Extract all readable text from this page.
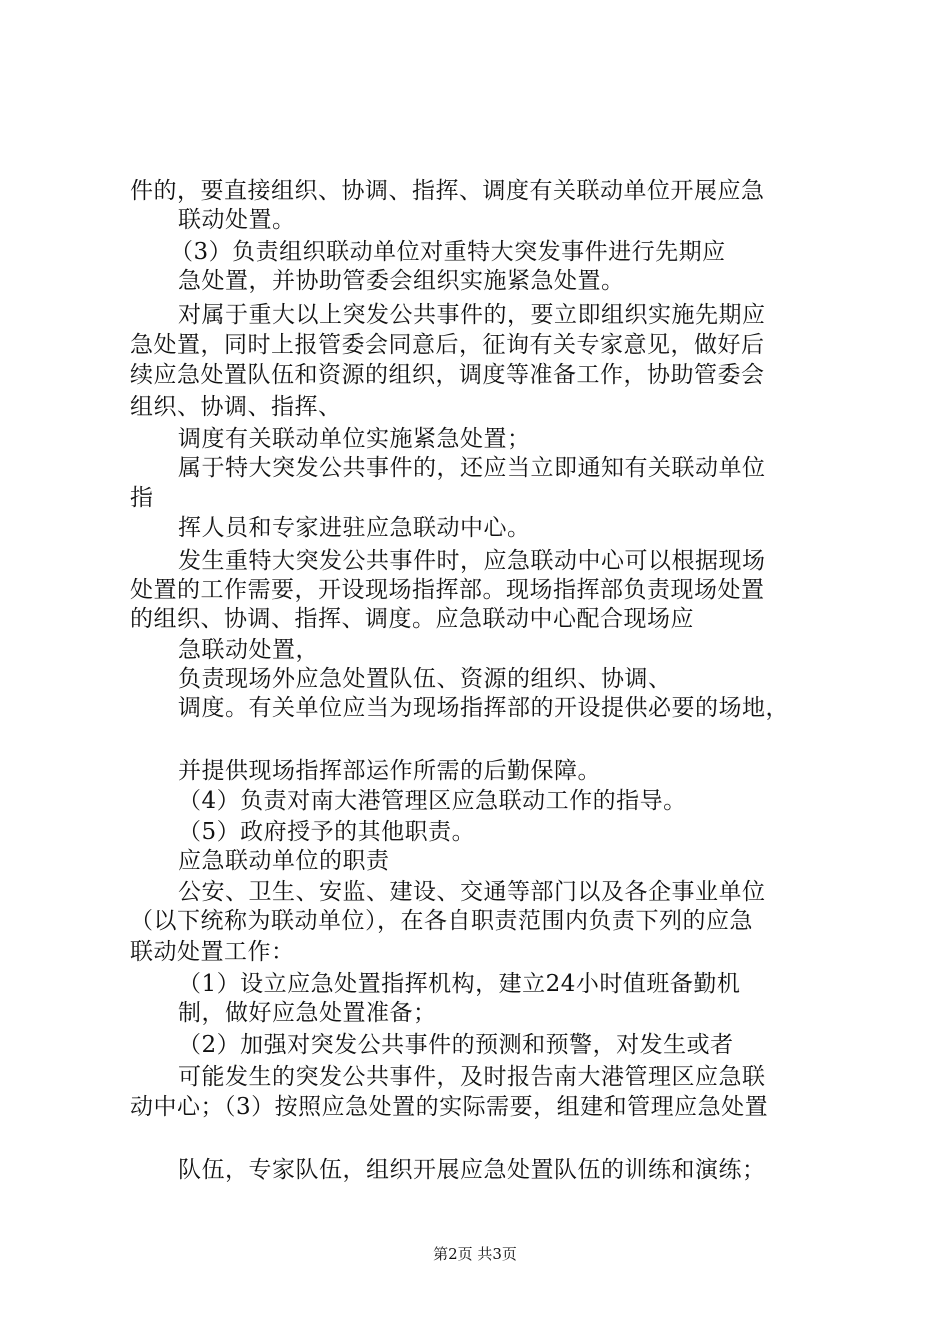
件的，要直接组织、协调、指挥、调度有关联动单位开展应急
联动处置。
（3）负责组织联动单位对重特大突发事件进行先期应
急处置，并协助管委会组织实施紧急处置。
对属于重大以上突发公共事件的，要立即组织实施先期应
急处置，同时上报管委会同意后，征询有关专家意见，做好后
续应急处置队伍和资源的组织，调度等准备工作，协助管委会
组织、协调、指挥、
调度有关联动单位实施紧急处置；
属于特大突发公共事件的，还应当立即通知有关联动单位
指
挥人员和专家进驻应急联动中心。
发生重特大突发公共事件时，应急联动中心可以根据现场
处置的工作需要，开设现场指挥部。现场指挥部负责现场处置
的组织、协调、指挥、调度。应急联动中心配合现场应
急联动处置，
负责现场外应急处置队伍、资源的组织、协调、
调度。有关单位应当为现场指挥部的开设提供必要的场地，
并提供现场指挥部运作所需的后勤保障。
（4）负责对南大港管理区应急联动工作的指导。
（5）政府授予的其他职责。
应急联动单位的职责
公安、卫生、安监、建设、交通等部门以及各企事业单位
（以下统称为联动单位），在各自职责范围内负责下列的应急
联动处置工作：
（1）设立应急处置指挥机构，建立24小时值班备勤机
制，做好应急处置准备；
（2）加强对突发公共事件的预测和预警，对发生或者
可能发生的突发公共事件，及时报告南大港管理区应急联
动中心；（3）按照应急处置的实际需要，组建和管理应急处置
队伍，专家队伍，组织开展应急处置队伍的训练和演练；
第2页 共3页
